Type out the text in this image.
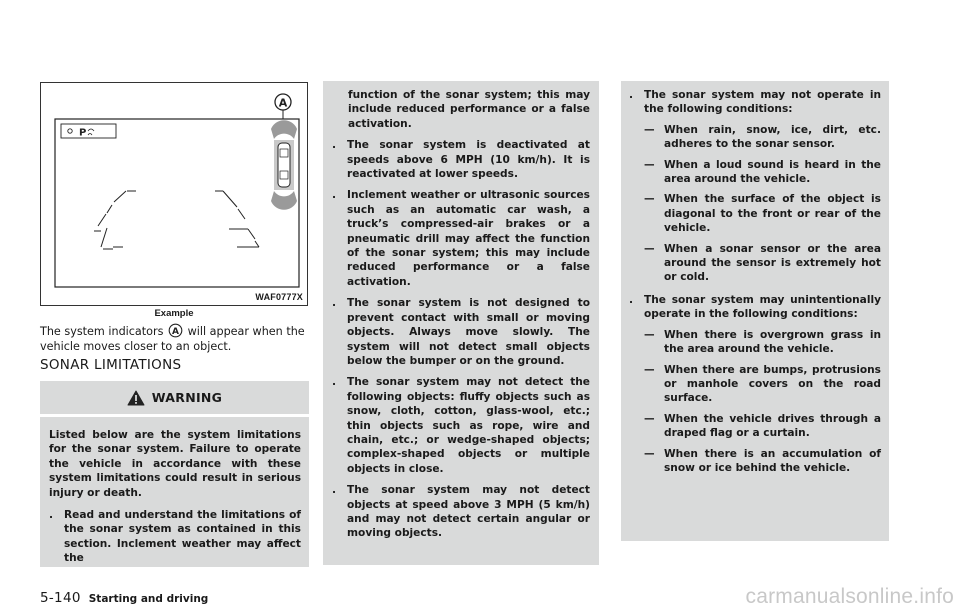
A
P
WAF0777X
Example
The system indicators A will appear when the vehicle moves closer to an object.
SONAR LIMITATIONS
WARNING

Listed below are the system limitations for the sonar system. Failure to operate the vehicle in accordance with these system limitations could result in serious injury or death.

.	Read and understand the limitations of the sonar system as contained in this section. Inclement weather may affect the

function of the sonar system; this may include reduced performance or a false activation.

.	The sonar system is deactivated at speeds above 6 MPH (10 km/h). It is reactivated at lower speeds.
.	Inclement weather or ultrasonic sources such as an automatic car wash, a truck’s compressed-air brakes or a pneumatic drill may affect the function of the sonar system; this may include reduced performance or a false activation.
.	The sonar system is not designed to prevent contact with small or moving objects. Always move slowly. The system will not detect small objects below the bumper or on the ground.
.	The sonar system may not detect the following objects: fluffy objects such as snow, cloth, cotton, glass-wool, etc.; thin objects such as rope, wire and chain, etc.; or wedge-shaped objects; complex-shaped objects or multiple objects in close.
.	The sonar system may not detect objects at speed above 3 MPH (5 km/h) and may not detect certain angular or moving objects.
.	The sonar system may not operate in the following conditions:
— When rain, snow, ice, dirt, etc. adheres to the sonar sensor.
— When a loud sound is heard in the area around the vehicle.
— When the surface of the object is diagonal to the front or rear of the vehicle.
— When a sonar sensor or the area around the sensor is extremely hot or cold.
.	The sonar system may unintentionally operate in the following conditions:
— When there is overgrown grass in the area around the vehicle.
— When there are bumps, protrusions or manhole covers on the road surface.
— When the vehicle drives through a draped flag or a curtain.
— When there is an accumulation of snow or ice behind the vehicle.
5-140 Starting and driving	carmanualsonline.info
